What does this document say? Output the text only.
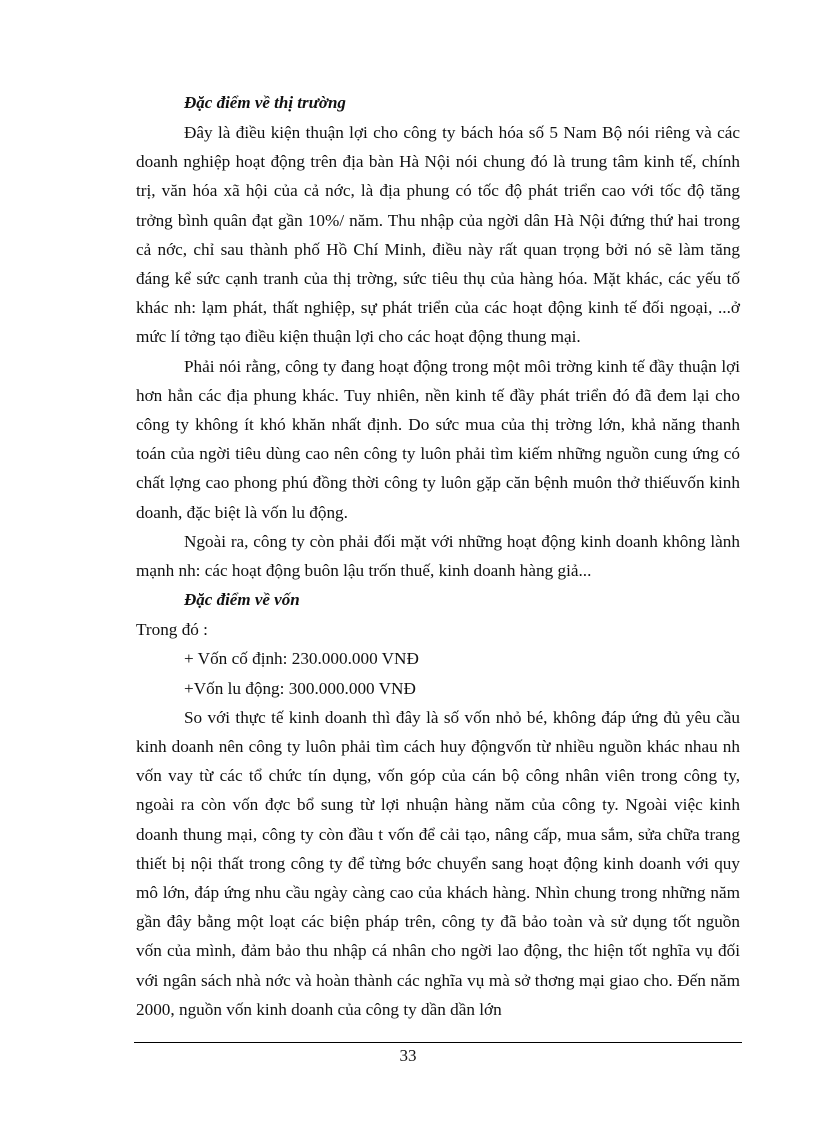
Đặc điểm về thị trường

Đây là điều kiện thuận lợi cho công ty bách hóa số 5 Nam Bộ nói riêng và các doanh nghiệp hoạt động trên địa bàn Hà Nội nói chung đó là trung tâm kinh tế, chính trị, văn hóa xã hội của cả nớc, là địa phung có tốc độ phát triển cao với tốc độ tăng trởng bình quân đạt gần 10%/ năm. Thu nhập của ngời dân Hà Nội đứng thứ hai trong cả nớc, chỉ sau thành phố Hồ Chí Minh, điều này rất quan trọng bởi nó sẽ làm tăng đáng kể sức cạnh tranh của thị trờng, sức tiêu thụ của hàng hóa. Mặt khác, các yếu tố khác nh: lạm phát, thất nghiệp, sự phát triển của các hoạt động kinh tế đối ngoại, ...ở mức lí tởng tạo điều kiện thuận lợi cho các hoạt động thung mại.

Phải nói rằng, công ty đang hoạt động trong một môi trờng kinh tế đầy thuận lợi hơn hẳn các địa phung khác. Tuy nhiên, nền kinh tế đầy phát triển đó đã đem lại cho công ty không ít khó khăn nhất định. Do sức mua của thị trờng lớn, khả năng thanh toán của ngời tiêu dùng cao nên công ty luôn phải tìm kiếm những nguồn cung ứng có chất lợng cao phong phú đồng thời công ty luôn gặp căn bệnh muôn thở thiếuvốn kinh doanh, đặc biệt là vốn lu động.

Ngoài ra, công ty còn phải đối mặt với những hoạt động kinh doanh không lành mạnh nh: các hoạt động buôn lậu trốn thuế, kinh doanh hàng giả...

Đặc điểm về vốn

Trong đó :

+ Vốn cố định: 230.000.000 VNĐ

+Vốn lu động: 300.000.000 VNĐ

So với thực tế kinh doanh thì đây là số vốn nhỏ bé, không đáp ứng đủ yêu cầu kinh doanh nên công ty luôn phải tìm cách huy độngvốn từ nhiều nguồn khác nhau nh vốn vay từ các tổ chức tín dụng, vốn góp của cán bộ công nhân viên trong công ty, ngoài ra còn vốn đợc bổ sung từ lợi nhuận hàng năm của công ty. Ngoài việc kinh doanh thung mại, công ty còn đầu t vốn để cải tạo, nâng cấp, mua sắm, sửa chữa trang thiết bị nội thất trong công ty để từng bớc chuyển sang hoạt động kinh doanh với quy mô lớn, đáp ứng nhu cầu ngày càng cao của khách hàng. Nhìn chung trong những năm gần đây bằng một loạt các biện pháp trên, công ty đã bảo toàn và sử dụng tốt nguồn vốn của mình, đảm bảo thu nhập cá nhân cho ngời lao động, thc hiện tốt nghĩa vụ đối với ngân sách nhà nớc và hoàn thành các nghĩa vụ mà sở thơng mại giao cho. Đến năm 2000, nguồn vốn kinh doanh của công ty dần dần lớn

33
